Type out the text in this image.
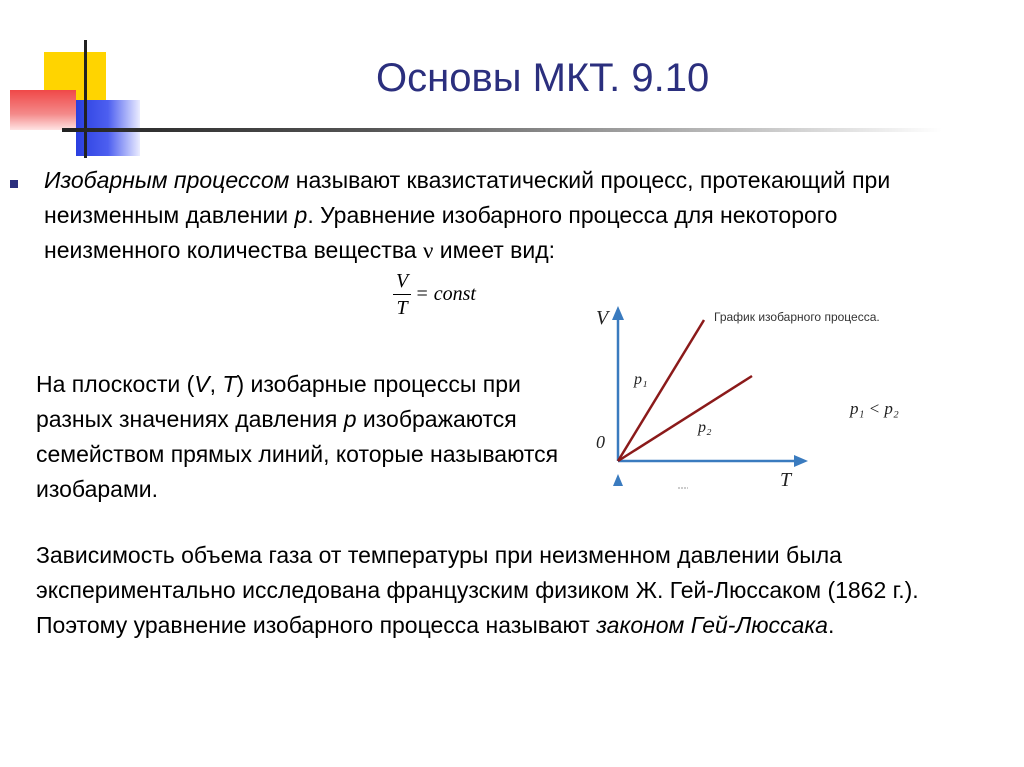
Основы МКТ. 9.10
Изобарным процессом называют квазистатический процесс, протекающий при неизменным давлении p. Уравнение изобарного процесса для некоторого неизменного количества вещества ν имеет вид:
$\frac{V}{T}$ = const
На плоскости (V, T) изобарные процессы при разных значениях давления p изображаются семейством прямых линий, которые называются изобарами.
Зависимость объема газа от температуры при неизменном давлении была экспериментально исследована французским физиком Ж. Гей-Люссаком (1862 г.). Поэтому уравнение изобарного процесса называют законом Гей-Люссака.
V
T
0
p₁
p₂
График изобарного процесса.
p₁ < p₂
